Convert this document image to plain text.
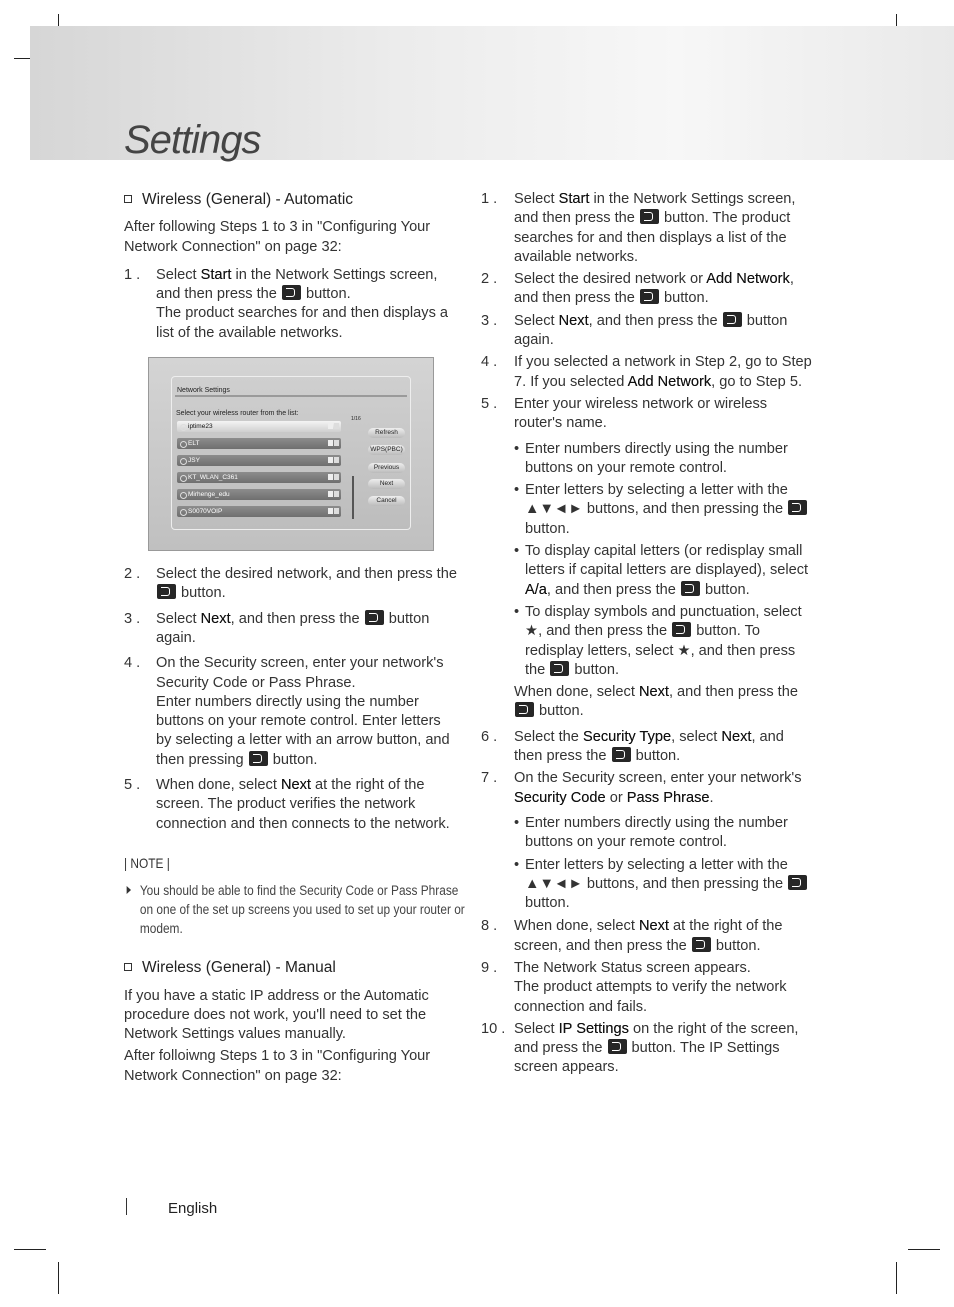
Settings
Wireless (General) - Automatic

After following Steps 1 to 3 in "Configuring Your Network Connection" on page 32:

1 . Select Start in the Network Settings screen, and then press the  button.
The product searches for and then displays a list of the available networks.
Network Settings
Select your wireless router from the list:
1/16
iptime23
ELT
JSY
KT_WLAN_C361
Mirhenge_edu
S0070VOIP
Refresh
WPS(PBC)
Previous
Next
Cancel
2 . Select the desired network, and then press the  button.
3 . Select Next, and then press the  button again.
4 . On the Security screen, enter your network's Security Code or Pass Phrase.
Enter numbers directly using the number buttons on your remote control. Enter letters by selecting a letter with an arrow button, and then pressing  button.
5 . When done, select Next at the right of the screen. The product verifies the network connection and then connects to the network.
| NOTE |
You should be able to find the Security Code or Pass Phrase on one of the set up screens you used to set up your router or modem.
Wireless (General) - Manual

If you have a static IP address or the Automatic procedure does not work, you'll need to set the Network Settings values manually.

After folloiwng Steps 1 to 3 in "Configuring Your Network Connection" on page 32:

1 . Select Start in the Network Settings screen, and then press the  button. The product searches for and then displays a list of the available networks.
2 . Select the desired network or Add Network, and then press the  button.
3 . Select Next, and then press the  button again.
4 . If you selected a network in Step 2, go to Step 7. If you selected Add Network, go to Step 5.
5 . Enter your wireless network or wireless router's name.
• Enter numbers directly using the number buttons on your remote control.
• Enter letters by selecting a letter with the ▲▼◄► buttons, and then pressing the  button.
• To display capital letters (or redisplay small letters if capital letters are displayed), select A/a, and then press the  button.
• To display symbols and punctuation, select ★, and then press the  button. To redisplay letters, select ★, and then press the  button.

When done, select Next, and then press the  button.

6 . Select the Security Type, select Next, and then press the  button.
7 . On the Security screen, enter your network's Security Code or Pass Phrase.
• Enter numbers directly using the number buttons on your remote control.
• Enter letters by selecting a letter with the ▲▼◄► buttons, and then pressing the  button.
8 . When done, select Next at the right of the screen, and then press the  button.
9 . The Network Status screen appears.
The product attempts to verify the network connection and fails.
10 . Select IP Settings on the right of the screen, and press the  button. The IP Settings screen appears.
English
